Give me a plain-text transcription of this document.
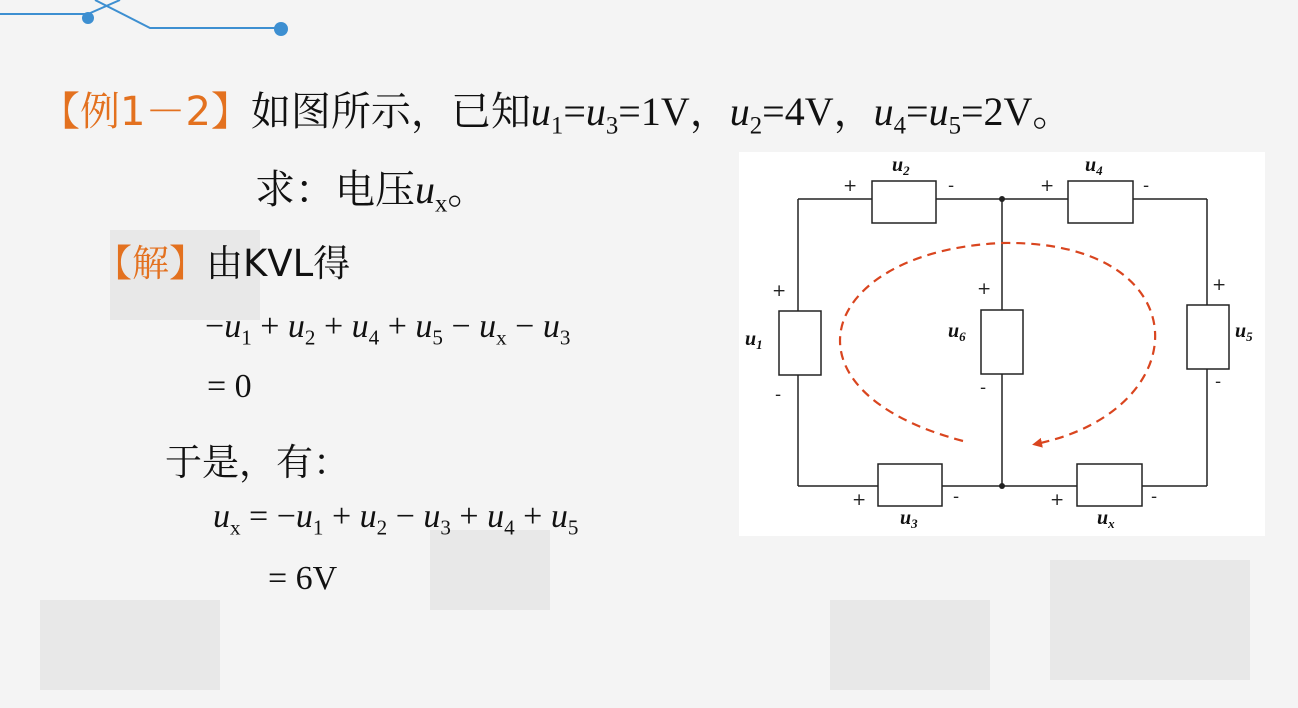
【例1－2】如图所示，已知$u_1=u_3=1V$，$u_2=4V$，$u_4=u_5=2V$。
求：电压$u_x$。
【解】由KVL得
$-u_1 + u_2 + u_4 + u_5 - u_x - u_3$
= 0
于是，有：
$u_x = -u_1 + u_2 - u_3 + u_4 + u_5$
= 6V
$u_2$	$u_4$
$u_3$	$u_x$
$u_1$
$u_6$	$u_5$
+	-	+	-
+	-	+	-
+
-
+
-
+
-
